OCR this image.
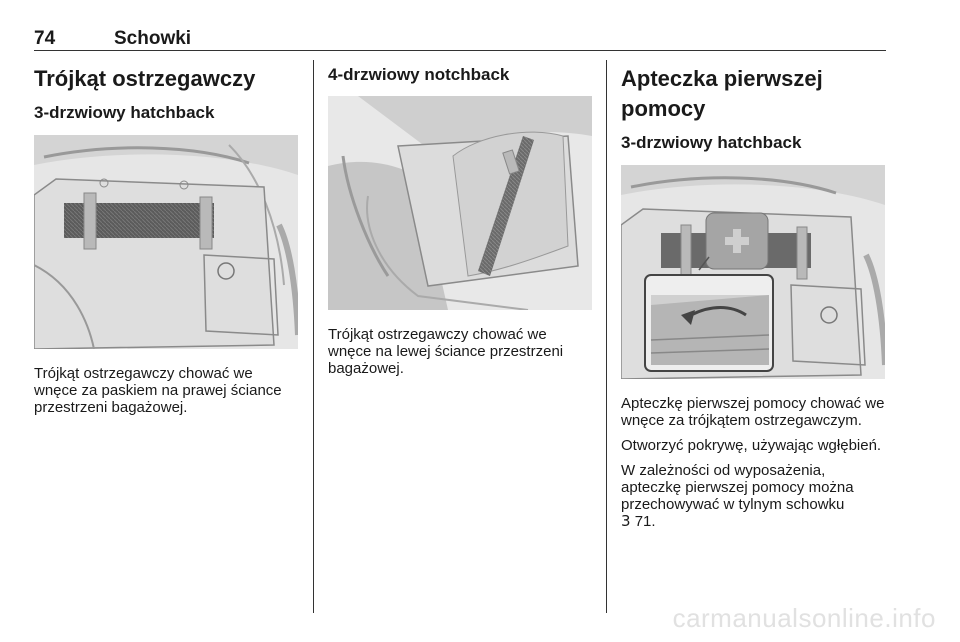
74	Schowki
Trójkąt ostrzegawczy
3-drzwiowy hatchback

Trójkąt ostrzegawczy chować we wnęce za paskiem na prawej ściance przestrzeni bagażowej.

4-drzwiowy notchback

Trójkąt ostrzegawczy chować we wnęce na lewej ściance przestrzeni bagażowej.

Apteczka pierwszej pomocy
3-drzwiowy hatchback

Apteczkę pierwszej pomocy chować we wnęce za trójkątem ostrzegawczym.

Otworzyć pokrywę, używając wgłębień.

W zależności od wyposażenia, apteczkę pierwszej pomocy można przechowywać w tylnym schowku
3 71.

carmanualsonline.info
